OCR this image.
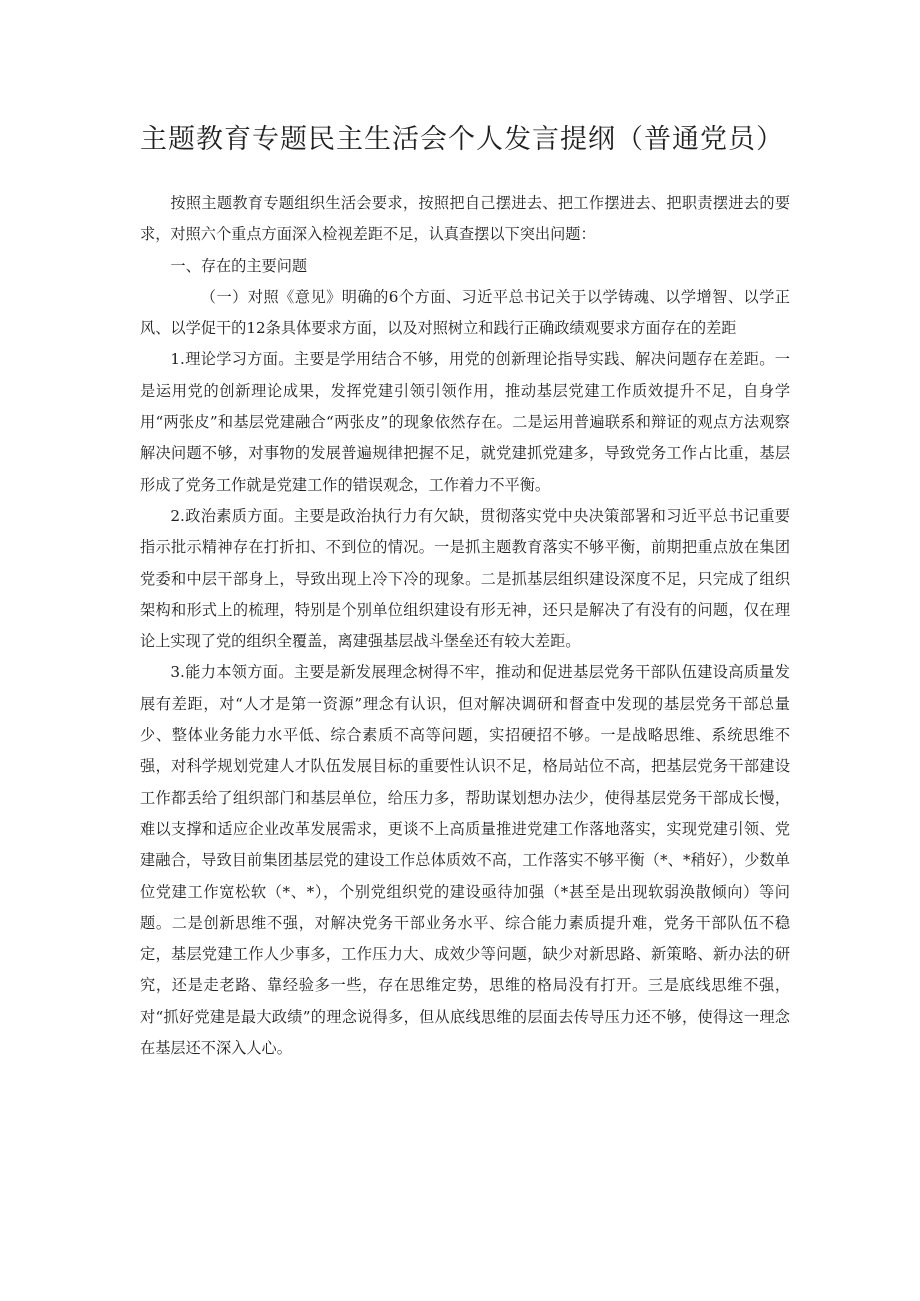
主题教育专题民主生活会个人发言提纲（普通党员）

按照主题教育专题组织生活会要求，按照把自己摆进去、把工作摆进去、把职责摆进去的要求，对照六个重点方面深入检视差距不足，认真查摆以下突出问题：

一、存在的主要问题

（一）对照《意见》明确的6个方面、习近平总书记关于以学铸魂、以学增智、以学正风、以学促干的12条具体要求方面，以及对照树立和践行正确政绩观要求方面存在的差距

1.理论学习方面。主要是学用结合不够，用党的创新理论指导实践、解决问题存在差距。一是运用党的创新理论成果，发挥党建引领引领作用，推动基层党建工作质效提升不足，自身学用“两张皮”和基层党建融合“两张皮”的现象依然存在。二是运用普遍联系和辩证的观点方法观察解决问题不够，对事物的发展普遍规律把握不足，就党建抓党建多，导致党务工作占比重，基层形成了党务工作就是党建工作的错误观念，工作着力不平衡。

2.政治素质方面。主要是政治执行力有欠缺，贯彻落实党中央决策部署和习近平总书记重要指示批示精神存在打折扣、不到位的情况。一是抓主题教育落实不够平衡，前期把重点放在集团党委和中层干部身上，导致出现上冷下冷的现象。二是抓基层组织建设深度不足，只完成了组织架构和形式上的梳理，特别是个别单位组织建设有形无神，还只是解决了有没有的问题，仅在理论上实现了党的组织全覆盖，离建强基层战斗堡垒还有较大差距。

3.能力本领方面。主要是新发展理念树得不牢，推动和促进基层党务干部队伍建设高质量发展有差距，对“人才是第一资源”理念有认识，但对解决调研和督查中发现的基层党务干部总量少、整体业务能力水平低、综合素质不高等问题，实招硬招不够。一是战略思维、系统思维不强，对科学规划党建人才队伍发展目标的重要性认识不足，格局站位不高，把基层党务干部建设工作都丢给了组织部门和基层单位，给压力多，帮助谋划想办法少，使得基层党务干部成长慢，难以支撑和适应企业改革发展需求，更谈不上高质量推进党建工作落地落实，实现党建引领、党建融合，导致目前集团基层党的建设工作总体质效不高，工作落实不够平衡（*、*稍好），少数单位党建工作宽松软（*、*），个别党组织党的建设亟待加强（*甚至是出现软弱涣散倾向）等问题。二是创新思维不强，对解决党务干部业务水平、综合能力素质提升难，党务干部队伍不稳定，基层党建工作人少事多，工作压力大、成效少等问题，缺少对新思路、新策略、新办法的研究，还是走老路、靠经验多一些，存在思维定势，思维的格局没有打开。三是底线思维不强，对“抓好党建是最大政绩”的理念说得多，但从底线思维的层面去传导压力还不够，使得这一理念在基层还不深入人心。
